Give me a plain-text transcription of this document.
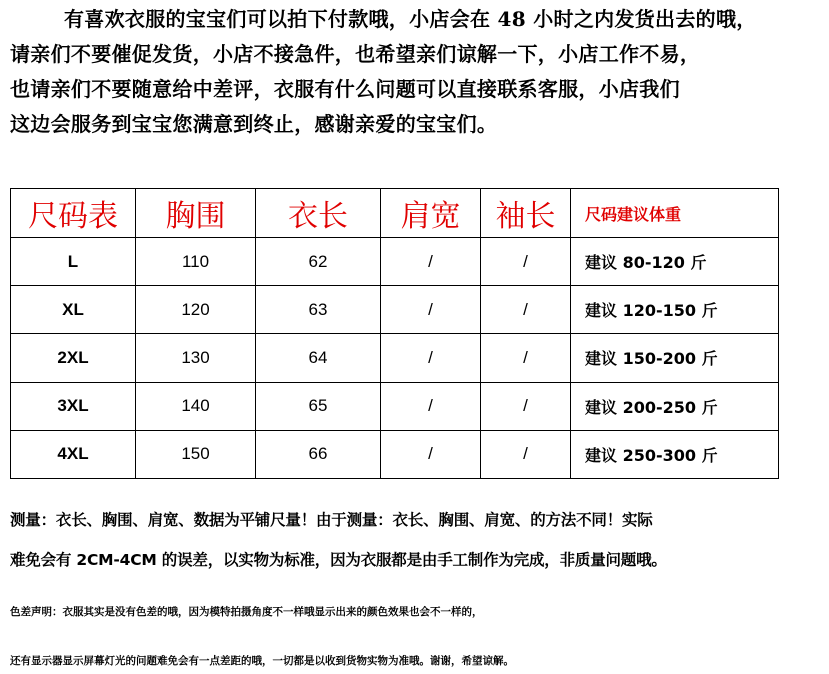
有喜欢衣服的宝宝们可以拍下付款哦，小店会在 48 小时之内发货出去的哦，
请亲们不要催促发货，小店不接急件，也希望亲们谅解一下，小店工作不易，
也请亲们不要随意给中差评，衣服有什么问题可以直接联系客服，小店我们
这边会服务到宝宝您满意到终止，感谢亲爱的宝宝们。
尺码表	胸围	衣长	肩宽	袖长	尺码建议体重
L	110	62	/	/	建议 80-120 斤
XL	120	63	/	/	建议 120-150 斤
2XL	130	64	/	/	建议 150-200 斤
3XL	140	65	/	/	建议 200-250 斤
4XL	150	66	/	/	建议 250-300 斤
测量：衣长、胸围、肩宽、数据为平铺尺量！由于测量：衣长、胸围、肩宽、的方法不同！实际
难免会有 2CM-4CM 的误差，以实物为标准，因为衣服都是由手工制作为完成，非质量问题哦。
色差声明：衣服其实是没有色差的哦，因为模特拍摄角度不一样哦显示出来的颜色效果也会不一样的，
还有显示器显示屏幕灯光的问题难免会有一点差距的哦，一切都是以收到货物实物为准哦。谢谢，希望谅解。
